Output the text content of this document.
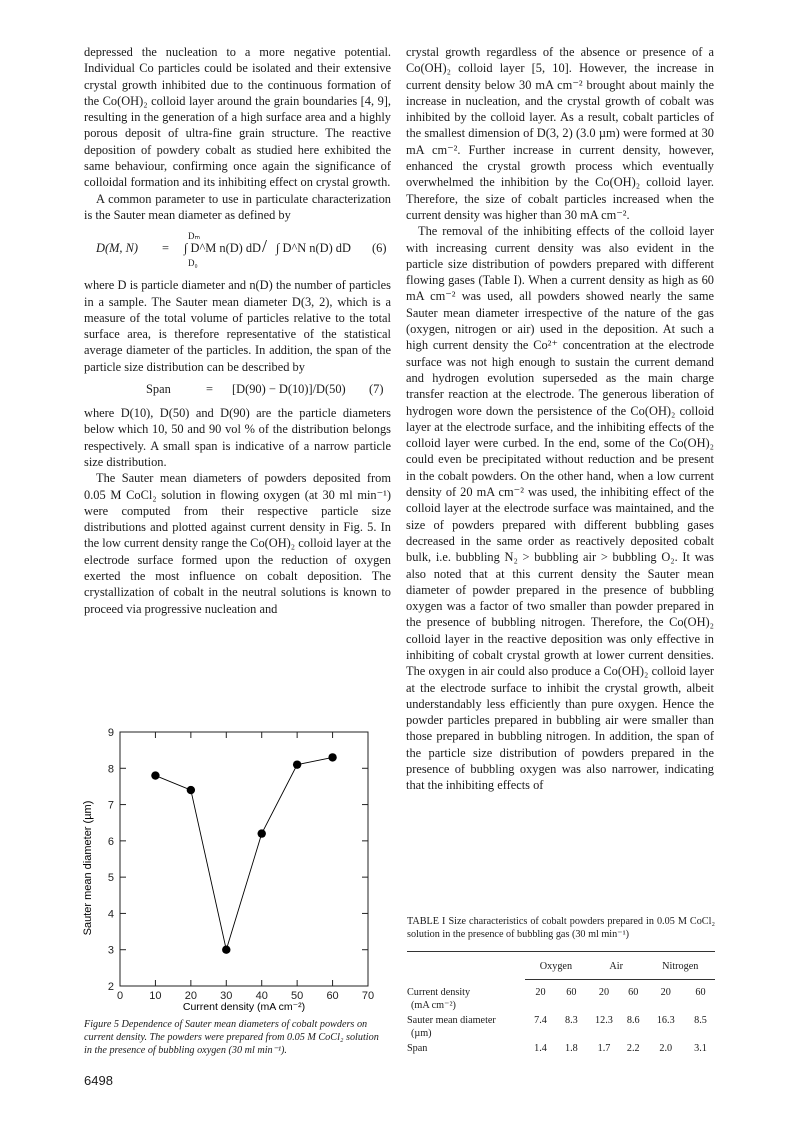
depressed the nucleation to a more negative potential. Individual Co particles could be isolated and their extensive crystal growth inhibited due to the continuous formation of the Co(OH)₂ colloid layer around the grain boundaries [4, 9], resulting in the generation of a high surface area and a highly porous deposit of ultra-fine grain structure. The reactive deposition of powdery cobalt as studied here exhibited the same behaviour, confirming once again the significance of colloidal formation and its inhibiting effect on crystal growth.

A common parameter to use in particulate characterization is the Sauter mean diameter as defined by

D(M, N) = ∫ D^M n(D) dD / ∫ D^N n(D) dD
Dₘ
D₀
(6)

where D is particle diameter and n(D) the number of particles in a sample. The Sauter mean diameter D(3, 2), which is a measure of the total volume of particles relative to the total surface area, is therefore representative of the statistical average diameter of the particles. In addition, the span of the particle size distribution can be described by

Span	= [D(90) − D(10)]/D(50) (7)

where D(10), D(50) and D(90) are the particle diameters below which 10, 50 and 90 vol % of the distribution belongs respectively. A small span is indicative of a narrow particle size distribution.

The Sauter mean diameters of powders deposited from 0.05 M CoCl₂ solution in flowing oxygen (at 30 ml min⁻¹) were computed from their respective particle size distributions and plotted against current density in Fig. 5. In the low current density range the Co(OH)₂ colloid layer at the electrode surface formed upon the reduction of oxygen exerted the most influence on cobalt deposition. The crystallization of cobalt in the neutral solutions is known to proceed via progressive nucleation and

crystal growth regardless of the absence or presence of a Co(OH)₂ colloid layer [5, 10]. However, the increase in current density below 30 mA cm⁻² brought about mainly the increase in nucleation, and the crystal growth of cobalt was inhibited by the colloid layer. As a result, cobalt particles of the smallest dimension of D(3, 2) (3.0 µm) were formed at 30 mA cm⁻². Further increase in current density, however, enhanced the crystal growth process which eventually overwhelmed the inhibition by the Co(OH)₂ colloid layer. Therefore, the size of cobalt particles increased when the current density was higher than 30 mA cm⁻².

The removal of the inhibiting effects of the colloid layer with increasing current density was also evident in the particle size distribution of powders prepared with different flowing gases (Table I). When a current density as high as 60 mA cm⁻² was used, all powders showed nearly the same Sauter mean diameter irrespective of the nature of the gas (oxygen, nitrogen or air) used in the deposition. At such a high current density the Co²⁺ concentration at the electrode surface was not high enough to sustain the current demand and hydrogen evolution superseded as the main charge transfer reaction at the electrode. The generous liberation of hydrogen wore down the persistence of the Co(OH)₂ colloid layer at the electrode surface, and the inhibiting effects of the colloid layer were curbed. In the end, some of the Co(OH)₂ could even be precipitated without reduction and be present in the cobalt powders. On the other hand, when a low current density of 20 mA cm⁻² was used, the inhibiting effect of the colloid layer at the electrode surface was maintained, and the size of powders prepared with different bubbling gases decreased in the same order as reactively deposited cobalt bulk, i.e. bubbling N₂ > bubbling air > bubbling O₂. It was also noted that at this current density the Sauter mean diameter of powder prepared in the presence of bubbling oxygen was a factor of two smaller than powder prepared in the presence of bubbling nitrogen. Therefore, the Co(OH)₂ colloid layer in the reactive deposition was only effective in inhibiting of cobalt crystal growth at lower current densities. The oxygen in air could also produce a Co(OH)₂ colloid layer at the electrode surface to inhibit the crystal growth, albeit understandably less efficiently than pure oxygen. Hence the powder particles prepared in bubbling air were smaller than those prepared in bubbling nitrogen. In addition, the span of the particle size distribution of powders prepared in the presence of bubbling oxygen was also narrower, indicating that the inhibiting effects of

0 10 20 30 40 50 60 70
2
3
4
5
6
7
8
9
Sauter mean diameter (µm)
Current density (mA cm⁻²)
Figure 5 Dependence of Sauter mean diameters of cobalt powders on current density. The powders were prepared from 0.05 M CoCl₂ solution in the presence of bubbling oxygen (30 ml min⁻¹).
TABLE I Size characteristics of cobalt powders prepared in 0.05 M CoCl₂ solution in the presence of bubbling gas (30 ml min⁻¹)

	Oxygen		Air		Nitrogen	

Current density
(mA cm⁻²)	20	60	20	60	20	60

Sauter mean diameter
(µm)	7.4	8.3	12.3	8.6	16.3	8.5

Span	1.4	1.8	1.7	2.2	2.0	3.1
6498
